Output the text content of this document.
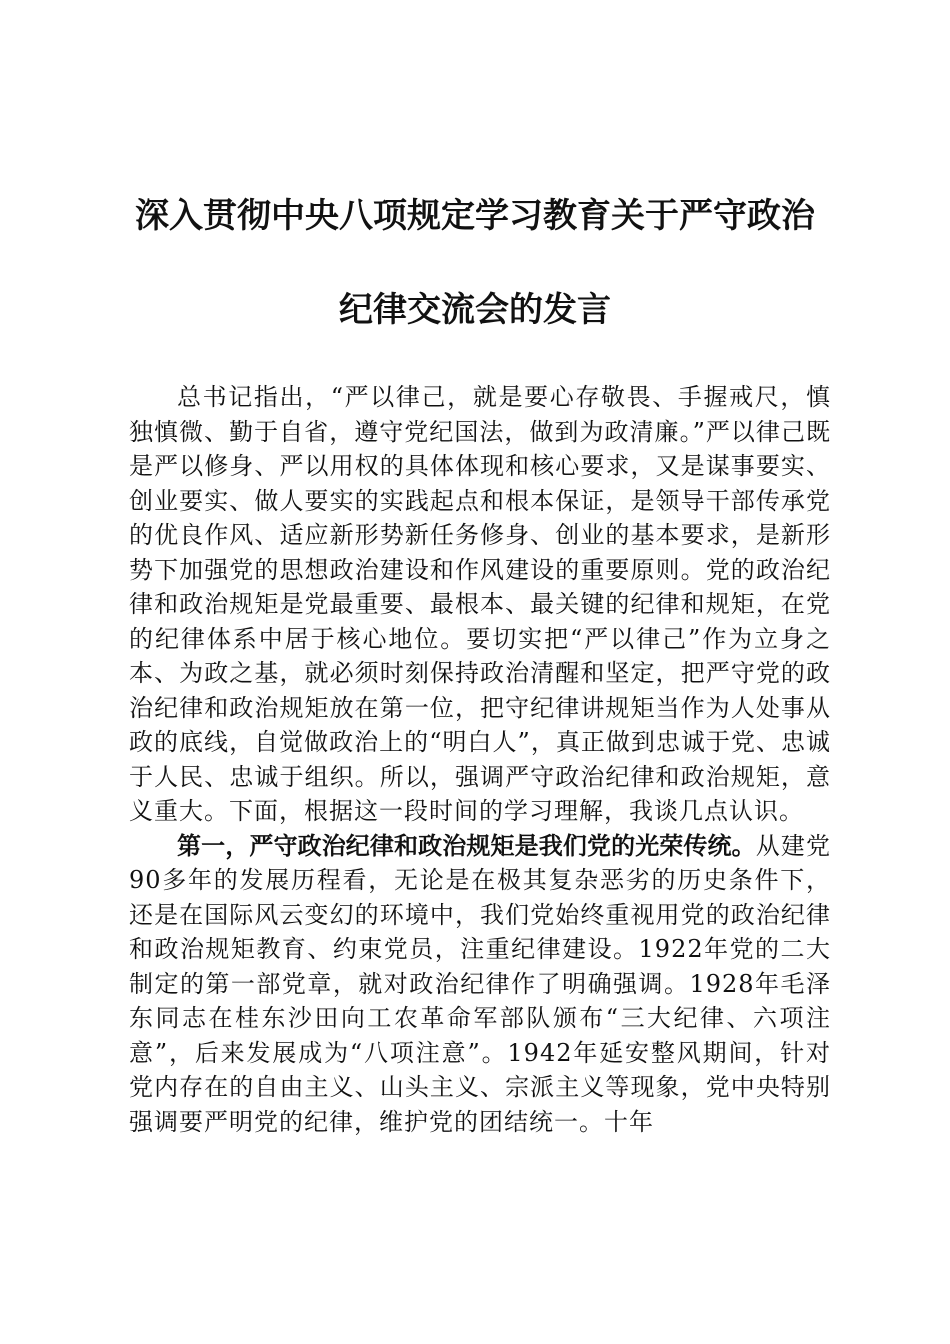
深入贯彻中央八项规定学习教育关于严守政治
纪律交流会的发言

总书记指出，“严以律己，就是要心存敬畏、手握戒尺，慎独慎微、勤于自省，遵守党纪国法，做到为政清廉。”严以律己既是严以修身、严以用权的具体体现和核心要求，又是谋事要实、创业要实、做人要实的实践起点和根本保证，是领导干部传承党的优良作风、适应新形势新任务修身、创业的基本要求，是新形势下加强党的思想政治建设和作风建设的重要原则。党的政治纪律和政治规矩是党最重要、最根本、最关键的纪律和规矩，在党的纪律体系中居于核心地位。要切实把“严以律己”作为立身之本、为政之基，就必须时刻保持政治清醒和坚定，把严守党的政治纪律和政治规矩放在第一位，把守纪律讲规矩当作为人处事从政的底线，自觉做政治上的“明白人”，真正做到忠诚于党、忠诚于人民、忠诚于组织。所以，强调严守政治纪律和政治规矩，意义重大。下面，根据这一段时间的学习理解，我谈几点认识。

第一，严守政治纪律和政治规矩是我们党的光荣传统。从建党90多年的发展历程看，无论是在极其复杂恶劣的历史条件下，还是在国际风云变幻的环境中，我们党始终重视用党的政治纪律和政治规矩教育、约束党员，注重纪律建设。1922年党的二大制定的第一部党章，就对政治纪律作了明确强调。1928年毛泽东同志在桂东沙田向工农革命军部队颁布“三大纪律、六项注意”，后来发展成为“八项注意”。1942年延安整风期间，针对党内存在的自由主义、山头主义、宗派主义等现象，党中央特别强调要严明党的纪律，维护党的团结统一。十年
